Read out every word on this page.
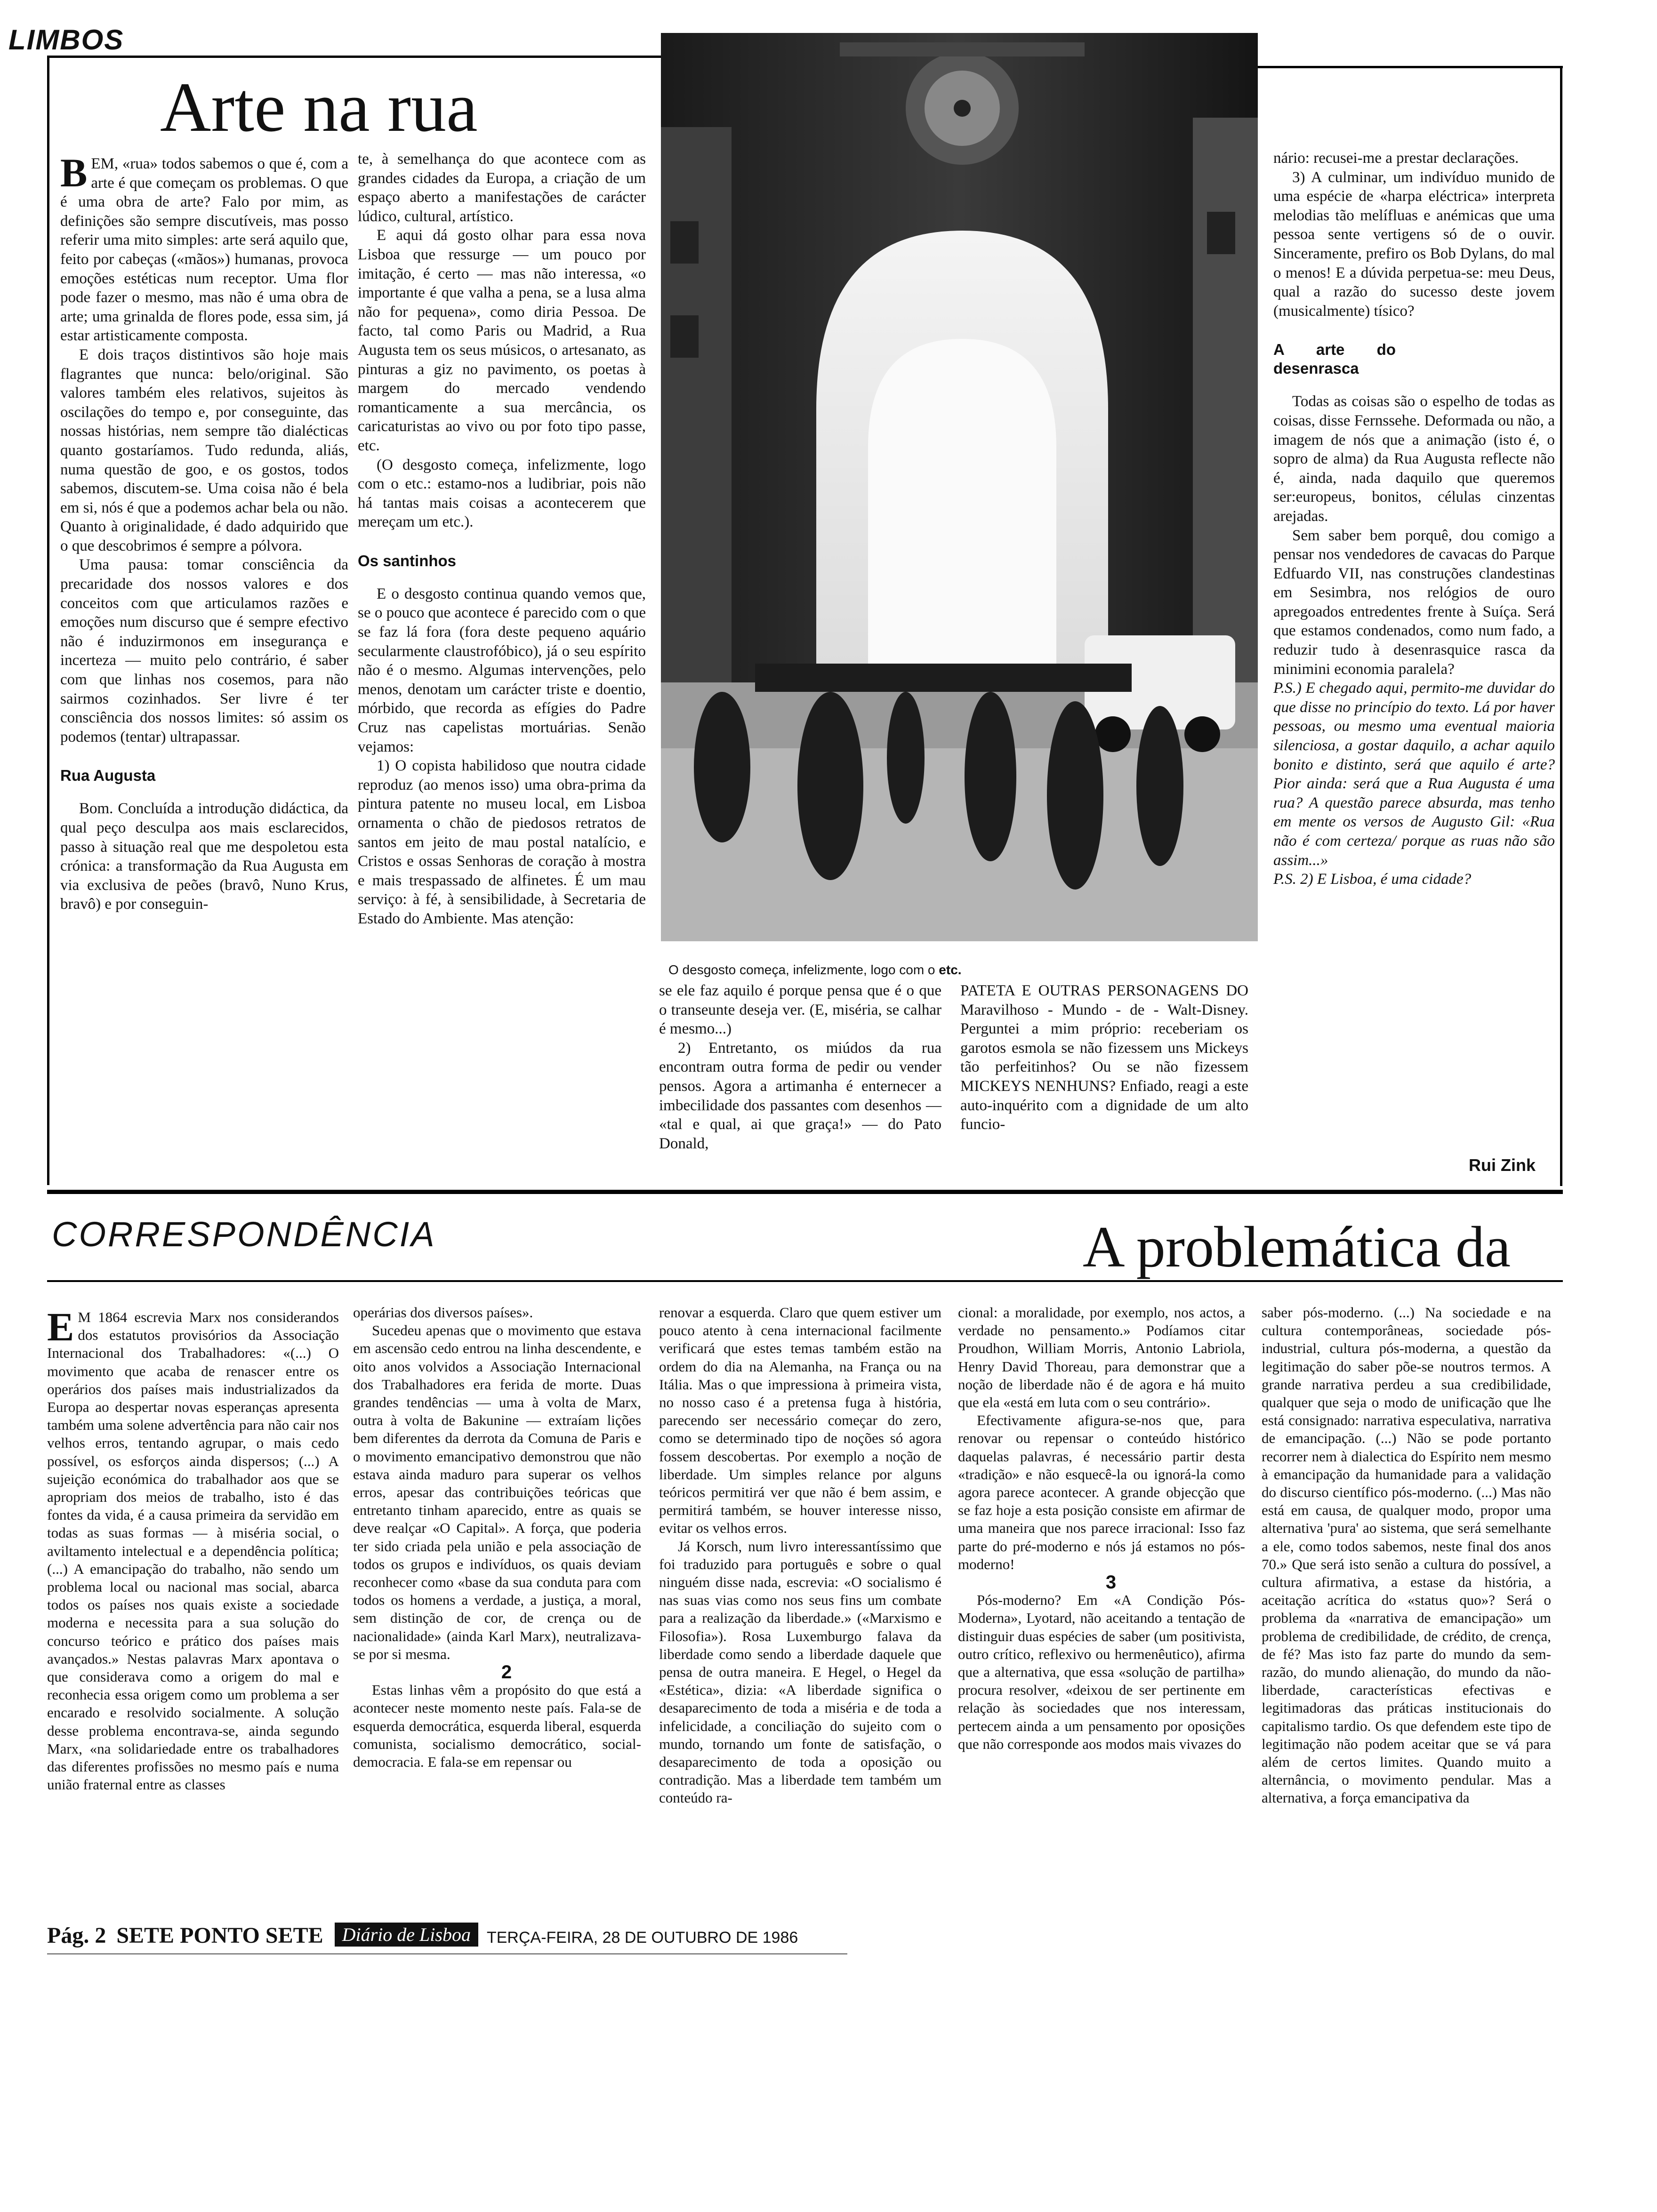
LIMBOS
Arte na rua
O desgosto começa, infelizmente, logo com o etc.

BEM, «rua» todos sabemos o que é, com a arte é que começam os problemas. O que é uma obra de arte? Falo por mim, as definições são sempre discutíveis, mas posso referir uma mito simples: arte será aquilo que, feito por cabeças («mãos») humanas, provoca emoções estéticas num receptor. Uma flor pode fazer o mesmo, mas não é uma obra de arte; uma grinalda de flores pode, essa sim, já estar artisticamente composta.

E dois traços distintivos são hoje mais flagrantes que nunca: belo/original. São valores também eles relativos, sujeitos às oscilações do tempo e, por conseguinte, das nossas histórias, nem sempre tão dialécticas quanto gostaríamos. Tudo redunda, aliás, numa questão de goo, e os gostos, todos sabemos, discutem-se. Uma coisa não é bela em si, nós é que a podemos achar bela ou não. Quanto à originalidade, é dado adquirido que o que descobrimos é sempre a pólvora.

Uma pausa: tomar consciência da precaridade dos nossos valores e dos conceitos com que articulamos razões e emoções num discurso que é sempre efectivo não é induzirmonos em insegurança e incerteza — muito pelo contrário, é saber com que linhas nos cosemos, para não sairmos cozinhados. Ser livre é ter consciência dos nossos limites: só assim os podemos (tentar) ultrapassar.

Rua Augusta

Bom. Concluída a introdução didáctica, da qual peço desculpa aos mais esclarecidos, passo à situação real que me despoletou esta crónica: a transformação da Rua Augusta em via exclusiva de peões (bravô, Nuno Krus, bravô) e por conseguin-

te, à semelhança do que acontece com as grandes cidades da Europa, a criação de um espaço aberto a manifestações de carácter lúdico, cultural, artístico.

E aqui dá gosto olhar para essa nova Lisboa que ressurge — um pouco por imitação, é certo — mas não interessa, «o importante é que valha a pena, se a lusa alma não for pequena», como diria Pessoa. De facto, tal como Paris ou Madrid, a Rua Augusta tem os seus músicos, o artesanato, as pinturas a giz no pavimento, os poetas à margem do mercado vendendo romanticamente a sua mercância, os caricaturistas ao vivo ou por foto tipo passe, etc.

(O desgosto começa, infelizmente, logo com o etc.: estamo-nos a ludibriar, pois não há tantas mais coisas a acontecerem que mereçam um etc.).

Os santinhos

E o desgosto continua quando vemos que, se o pouco que acontece é parecido com o que se faz lá fora (fora deste pequeno aquário secularmente claustrofóbico), já o seu espírito não é o mesmo. Algumas intervenções, pelo menos, denotam um carácter triste e doentio, mórbido, que recorda as efígies do Padre Cruz nas capelistas mortuárias. Senão vejamos:

1) O copista habilidoso que noutra cidade reproduz (ao menos isso) uma obra-prima da pintura patente no museu local, em Lisboa ornamenta o chão de piedosos retratos de santos em jeito de mau postal natalício, e Cristos e ossas Senhoras de coração à mostra e mais trespassado de alfinetes. É um mau serviço: à fé, à sensibilidade, à Secretaria de Estado do Ambiente. Mas atenção:

se ele faz aquilo é porque pensa que é o que o transeunte deseja ver. (E, miséria, se calhar é mesmo...)

2) Entretanto, os miúdos da rua encontram outra forma de pedir ou vender pensos. Agora a artimanha é enternecer a imbecilidade dos passantes com desenhos — «tal e qual, ai que graça!» — do Pato Donald,

PATETA E OUTRAS PERSONAGENS DO Maravilhoso - Mundo - de - Walt-Disney. Perguntei a mim próprio: receberiam os garotos esmola se não fizessem uns Mickeys tão perfeitinhos? Ou se não fizessem MICKEYS NENHUNS? Enfiado, reagi a este auto-inquérito com a dignidade de um alto funcio-

nário: recusei-me a prestar declarações.

3) A culminar, um indivíduo munido de uma espécie de «harpa eléctrica» interpreta melodias tão melífluas e anémicas que uma pessoa sente vertigens só de o ouvir. Sinceramente, prefiro os Bob Dylans, do mal o menos! E a dúvida perpetua-se: meu Deus, qual a razão do sucesso deste jovem (musicalmente) tísico?

A arte do desenrasca

Todas as coisas são o espelho de todas as coisas, disse Fernssehe. Deformada ou não, a imagem de nós que a animação (isto é, o sopro de alma) da Rua Augusta reflecte não é, ainda, nada daquilo que queremos ser:europeus, bonitos, células cinzentas arejadas.

Sem saber bem porquê, dou comigo a pensar nos vendedores de cavacas do Parque Edfuardo VII, nas construções clandestinas em Sesimbra, nos relógios de ouro apregoados entredentes frente à Suíça. Será que estamos condenados, como num fado, a reduzir tudo à desenrasquice rasca da minimini economia paralela?

P.S.) E chegado aqui, permito-me duvidar do que disse no princípio do texto. Lá por haver pessoas, ou mesmo uma eventual maioria silenciosa, a gostar daquilo, a achar aquilo bonito e distinto, será que aquilo é arte? Pior ainda: será que a Rua Augusta é uma rua? A questão parece absurda, mas tenho em mente os versos de Augusto Gil: «Rua não é com certeza/ porque as ruas não são assim...»

P.S. 2) E Lisboa, é uma cidade?

Rui Zink
CORRESPONDÊNCIA	A problemática da

E M 1864 escrevia Marx nos considerandos dos estatutos provisórios da Associação Internacional dos Trabalhadores: «(...) O movimento que acaba de renascer entre os operários dos países mais industrializados da Europa ao despertar novas esperanças apresenta também uma solene advertência para não cair nos velhos erros, tentando agrupar, o mais cedo possível, os esforços ainda dispersos; (...) A sujeição económica do trabalhador aos que se apropriam dos meios de trabalho, isto é das fontes da vida, é a causa primeira da servidão em todas as suas formas — à miséria social, o aviltamento intelectual e a dependência política; (...) A emancipação do trabalho, não sendo um problema local ou nacional mas social, abarca todos os países nos quais existe a sociedade moderna e necessita para a sua solução do concurso teórico e prático dos países mais avançados.» Nestas palavras Marx apontava o que considerava como a origem do mal e reconhecia essa origem como um problema a ser encarado e resolvido socialmente. A solução desse problema encontrava-se, ainda segundo Marx, «na solidariedade entre os trabalhadores das diferentes profissões no mesmo país e numa união fraternal entre as classes

operárias dos diversos países».

Sucedeu apenas que o movimento que estava em ascensão cedo entrou na linha descendente, e oito anos volvidos a Associação Internacional dos Trabalhadores era ferida de morte. Duas grandes tendências — uma à volta de Marx, outra à volta de Bakunine — extraíam lições bem diferentes da derrota da Comuna de Paris e o movimento emancipativo demonstrou que não estava ainda maduro para superar os velhos erros, apesar das contribuições teóricas que entretanto tinham aparecido, entre as quais se deve realçar «O Capital». A força, que poderia ter sido criada pela união e pela associação de todos os grupos e indivíduos, os quais deviam reconhecer como «base da sua conduta para com todos os homens a verdade, a justiça, a moral, sem distinção de cor, de crença ou de nacionalidade» (ainda Karl Marx), neutralizava-se por si mesma.

2

Estas linhas vêm a propósito do que está a acontecer neste momento neste país. Fala-se de esquerda democrática, esquerda liberal, esquerda comunista, socialismo democrático, social-democracia. E fala-se em repensar ou

renovar a esquerda. Claro que quem estiver um pouco atento à cena internacional facilmente verificará que estes temas também estão na ordem do dia na Alemanha, na França ou na Itália. Mas o que impressiona à primeira vista, no nosso caso é a pretensa fuga à história, parecendo ser necessário começar do zero, como se determinado tipo de noções só agora fossem descobertas. Por exemplo a noção de liberdade. Um simples relance por alguns teóricos permitirá ver que não é bem assim, e permitirá também, se houver interesse nisso, evitar os velhos erros.

Já Korsch, num livro interessantíssimo que foi traduzido para português e sobre o qual ninguém disse nada, escrevia: «O socialismo é nas suas vias como nos seus fins um combate para a realização da liberdade.» («Marxismo e Filosofia»). Rosa Luxemburgo falava da liberdade como sendo a liberdade daquele que pensa de outra maneira. E Hegel, o Hegel da «Estética», dizia: «A liberdade significa o desaparecimento de toda a miséria e de toda a infelicidade, a conciliação do sujeito com o mundo, tornando um fonte de satisfação, o desaparecimento de toda a oposição ou contradição. Mas a liberdade tem também um conteúdo ra-

cional: a moralidade, por exemplo, nos actos, a verdade no pensamento.» Podíamos citar Proudhon, William Morris, Antonio Labriola, Henry David Thoreau, para demonstrar que a noção de liberdade não é de agora e há muito que ela «está em luta com o seu contrário».

Efectivamente afigura-se-nos que, para renovar ou repensar o conteúdo histórico daquelas palavras, é necessário partir desta «tradição» e não esquecê-la ou ignorá-la como agora parece acontecer. A grande objecção que se faz hoje a esta posição consiste em afirmar de uma maneira que nos parece irracional: Isso faz parte do pré-moderno e nós já estamos no pós-moderno!

3

Pós-moderno? Em «A Condição Pós-Moderna», Lyotard, não aceitando a tentação de distinguir duas espécies de saber (um positivista, outro crítico, reflexivo ou hermenêutico), afirma que a alternativa, que essa «solução de partilha» procura resolver, «deixou de ser pertinente em relação às sociedades que nos interessam, pertecem ainda a um pensamento por oposições que não corresponde aos modos mais vivazes do

saber pós-moderno. (...) Na sociedade e na cultura contemporâneas, sociedade pós-industrial, cultura pós-moderna, a questão da legitimação do saber põe-se noutros termos. A grande narrativa perdeu a sua credibilidade, qualquer que seja o modo de unificação que lhe está consignado: narrativa especulativa, narrativa de emancipação. (...) Não se pode portanto recorrer nem à dialectica do Espírito nem mesmo à emancipação da humanidade para a validação do discurso científico pós-moderno. (...) Mas não está em causa, de qualquer modo, propor uma alternativa 'pura' ao sistema, que será semelhante a ele, como todos sabemos, neste final dos anos 70.» Que será isto senão a cultura do possível, a cultura afirmativa, a estase da história, a aceitação acrítica do «status quo»? Será o problema da «narrativa de emancipação» um problema de credibilidade, de crédito, de crença, de fé? Mas isto faz parte do mundo da sem-razão, do mundo alienação, do mundo da não-liberdade, características efectivas e legitimadoras das práticas institucionais do capitalismo tardio. Os que defendem este tipo de legitimação não podem aceitar que se vá para além de certos limites. Quando muito a alternância, o movimento pendular. Mas a alternativa, a força emancipativa da

Pág. 2 SETE PONTO SETE Diário de Lisboa TERÇA-FEIRA, 28 DE OUTUBRO DE 1986
